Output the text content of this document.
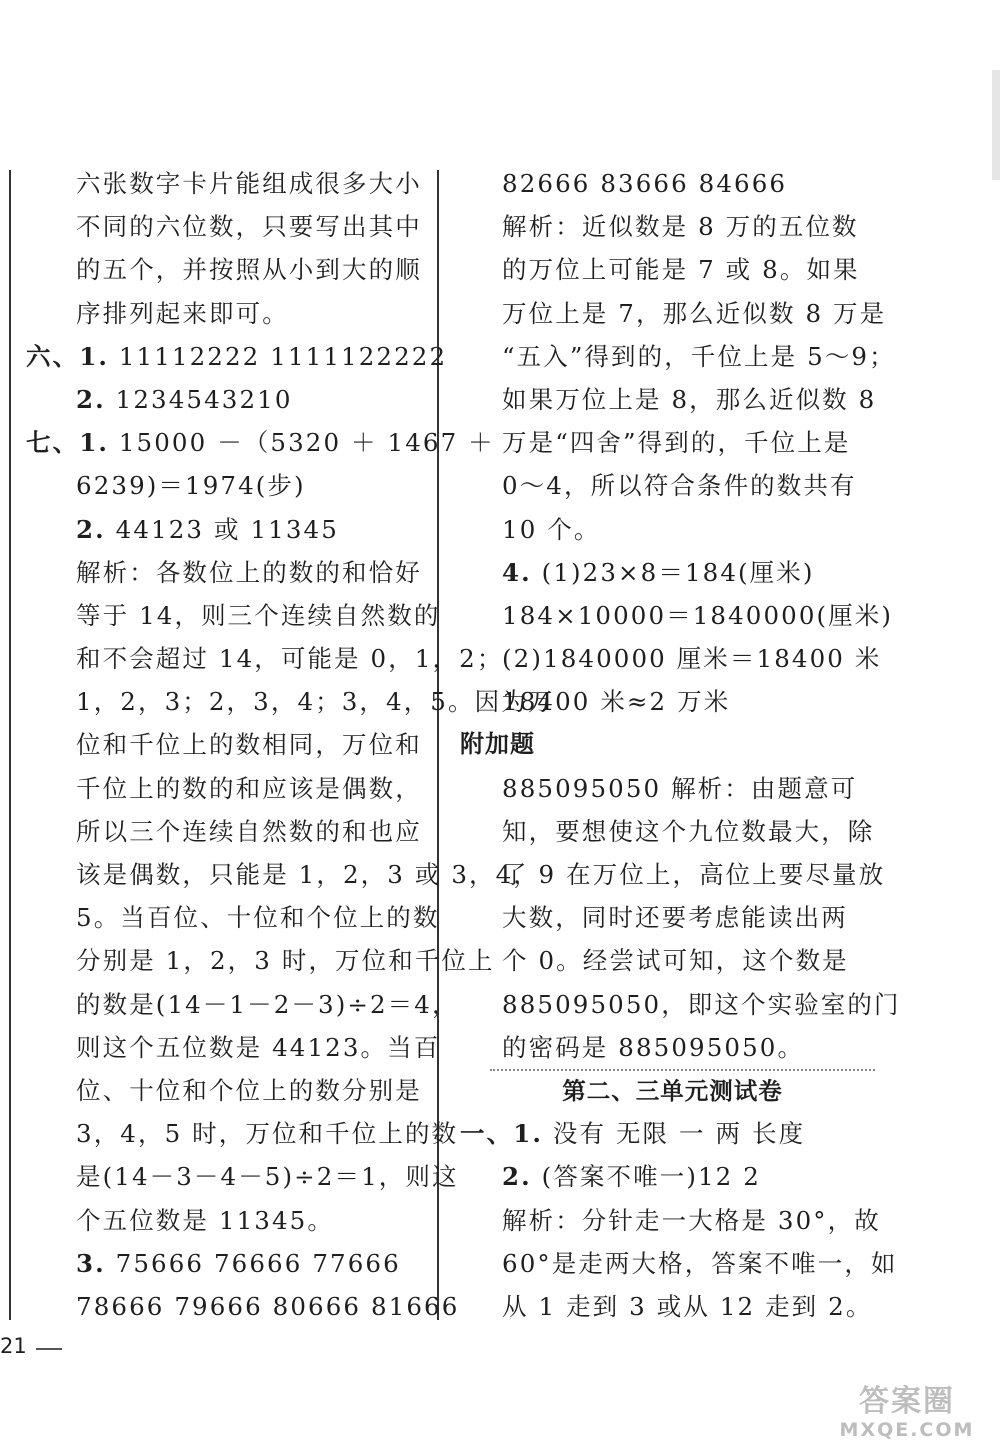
六张数字卡片能组成很多大小
不同的六位数，只要写出其中
的五个，并按照从小到大的顺
序排列起来即可。
六、1. 11112222 1111122222
2. 1234543210
七、1. 15000 －（5320 ＋ 1467 ＋
6239)＝1974(步)
2. 44123 或 11345
解析：各数位上的数的和恰好
等于 14，则三个连续自然数的
和不会超过 14，可能是 0，1，2；
1，2，3；2，3，4；3，4，5。因为万
位和千位上的数相同，万位和
千位上的数的和应该是偶数，
所以三个连续自然数的和也应
该是偶数，只能是 1，2，3 或 3，4，
5。当百位、十位和个位上的数
分别是 1，2，3 时，万位和千位上
的数是(14－1－2－3)÷2＝4，
则这个五位数是 44123。当百
位、十位和个位上的数分别是
3，4，5 时，万位和千位上的数
是(14－3－4－5)÷2＝1，则这
个五位数是 11345。
3. 75666 76666 77666
78666 79666 80666 81666
82666 83666 84666
解析：近似数是 8 万的五位数
的万位上可能是 7 或 8。如果
万位上是 7，那么近似数 8 万是
“五入”得到的，千位上是 5～9；
如果万位上是 8，那么近似数 8
万是“四舍”得到的，千位上是
0～4，所以符合条件的数共有
10 个。
4. (1)23×8＝184(厘米)
184×10000＝1840000(厘米)
(2)1840000 厘米＝18400 米
18400 米≈2 万米
附加题
885095050 解析：由题意可
知，要想使这个九位数最大，除
了 9 在万位上，高位上要尽量放
大数，同时还要考虑能读出两
个 0。经尝试可知，这个数是
885095050，即这个实验室的门
的密码是 885095050。
第二、三单元测试卷
一、1. 没有 无限 一 两 长度
2. (答案不唯一)12 2
解析：分针走一大格是 30°，故
60°是走两大格，答案不唯一，如
从 1 走到 3 或从 12 走到 2。
21
答案圈
MXQE.COM
